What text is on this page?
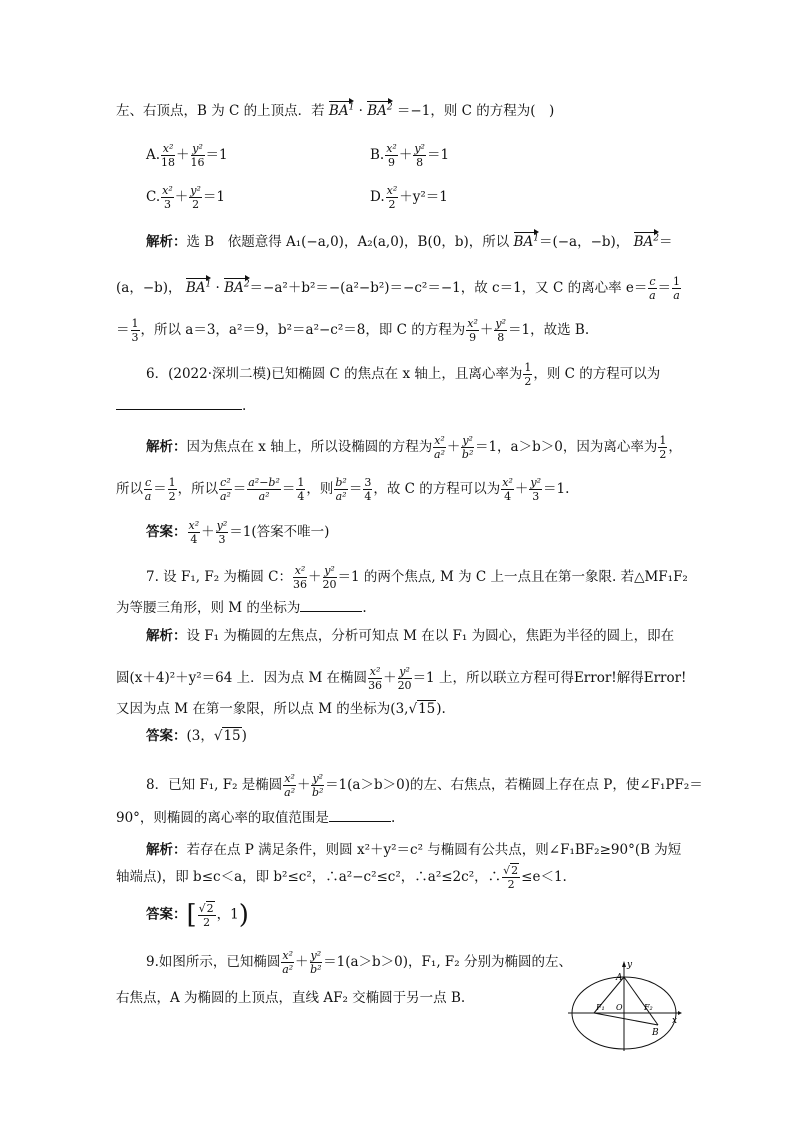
左、右顶点，B 为 C 的上顶点．若 $BA^1 \cdot BA^2 =-1$，则 C 的方程为(　)
A. $\frac{\text{x²}}{18} + \frac{\text{y²}}{16} =1$	B. $\frac{\text{x²}}{9} + \frac{\text{y²}}{8} =1$
C. $\frac{\text{x²}}{3} + \frac{\text{y²}}{2} =1$	D. $\frac{\text{x²}}{2} +y^2=1$
解析：选 B　依题意得 A₁(−a,0)，A₂(a,0)，B(0，b)，所以 $BA^1=(-a$，−b)， $BA^2=$
(a，−b)， $BA^1 \cdot BA^2=-a^2+b^2=-(a^2-b^2)=-c^2=-1$，故 c＝1，又 C 的离心率 $e= \frac{c}{a} = \frac{1}{a}$
＝ $\frac{1}{3}$ ，所以 a＝3，a²＝9，b²＝a²−c²＝8，即 C 的方程为 $\frac{\text{x²}}{9} + \frac{\text{y²}}{8} =1$，故选 B.
6．(2022·深圳二模)已知椭圆 C 的焦点在 x 轴上，且离心率为 $\frac{1}{2}$ ，则 C 的方程可以为
.
解析：因为焦点在 x 轴上，所以设椭圆的方程为 $\frac{\text{x²}}{\text{a²}} + \frac{\text{y²}}{\text{b²}} =1$，a＞b＞0，因为离心率为 $\frac{1}{2}$ ，
所以 $\frac{c}{a} = \frac{1}{2}$ ，所以 $\frac{\text{c²}}{\text{a²}} = \frac{\text{a²−b²}}{\text{a²}} = \frac{1}{4}$ ，则 $\frac{\text{b²}}{\text{a²}} = \frac{3}{4}$ ，故 C 的方程可以为 $\frac{\text{x²}}{4} + \frac{\text{y²}}{3} =1$.
答案： $\frac{\text{x²}}{4} + \frac{\text{y²}}{3} =1$(答案不唯一)
7. 设 F₁, F₂ 为椭圆 C： $\frac{\text{x²}}{36} + \frac{\text{y²}}{20} =1$ 的两个焦点, M 为 C 上一点且在第一象限. 若△MF₁F₂
为等腰三角形，则 M 的坐标为	.
解析：设 F₁ 为椭圆的左焦点，分析可知点 M 在以 F₁ 为圆心，焦距为半径的圆上，即在
圆(x＋4)²＋y²＝64 上．因为点 M 在椭圆 $\frac{\text{x²}}{36} + \frac{\text{y²}}{20} =1$ 上，所以联立方程可得Error!解得Error!
又因为点 M 在第一象限，所以点 M 的坐标为(3,√15).
答案：(3，√15)
8．已知 F₁, F₂ 是椭圆 $\frac{\text{x²}}{\text{a²}} + \frac{\text{y²}}{\text{b²}} =1(a>b>0)$的左、右焦点，若椭圆上存在点 P，使∠F₁PF₂＝
90°，则椭圆的离心率的取值范围是	.
解析：若存在点 P 满足条件，则圆 x²＋y²＝c² 与椭圆有公共点，则∠F₁BF₂≥90°(B 为短
轴端点)，即 b≤c＜a，即 b²≤c²，∴a²−c²≤c²，∴a²≤2c²，∴ $\frac{√2}{2} \le e<1$.
答案：[ $\frac{√2}{2}$ ，1)
9.如图所示，已知椭圆 $\frac{\text{x²}}{\text{a²}} + \frac{\text{y²}}{\text{b²}} =1(a>b>0)$，F₁, F₂ 分别为椭圆的左、
右焦点，A 为椭圆的上顶点，直线 AF₂ 交椭圆于另一点 B.
y
x
A
F₁ O	F₂
B
